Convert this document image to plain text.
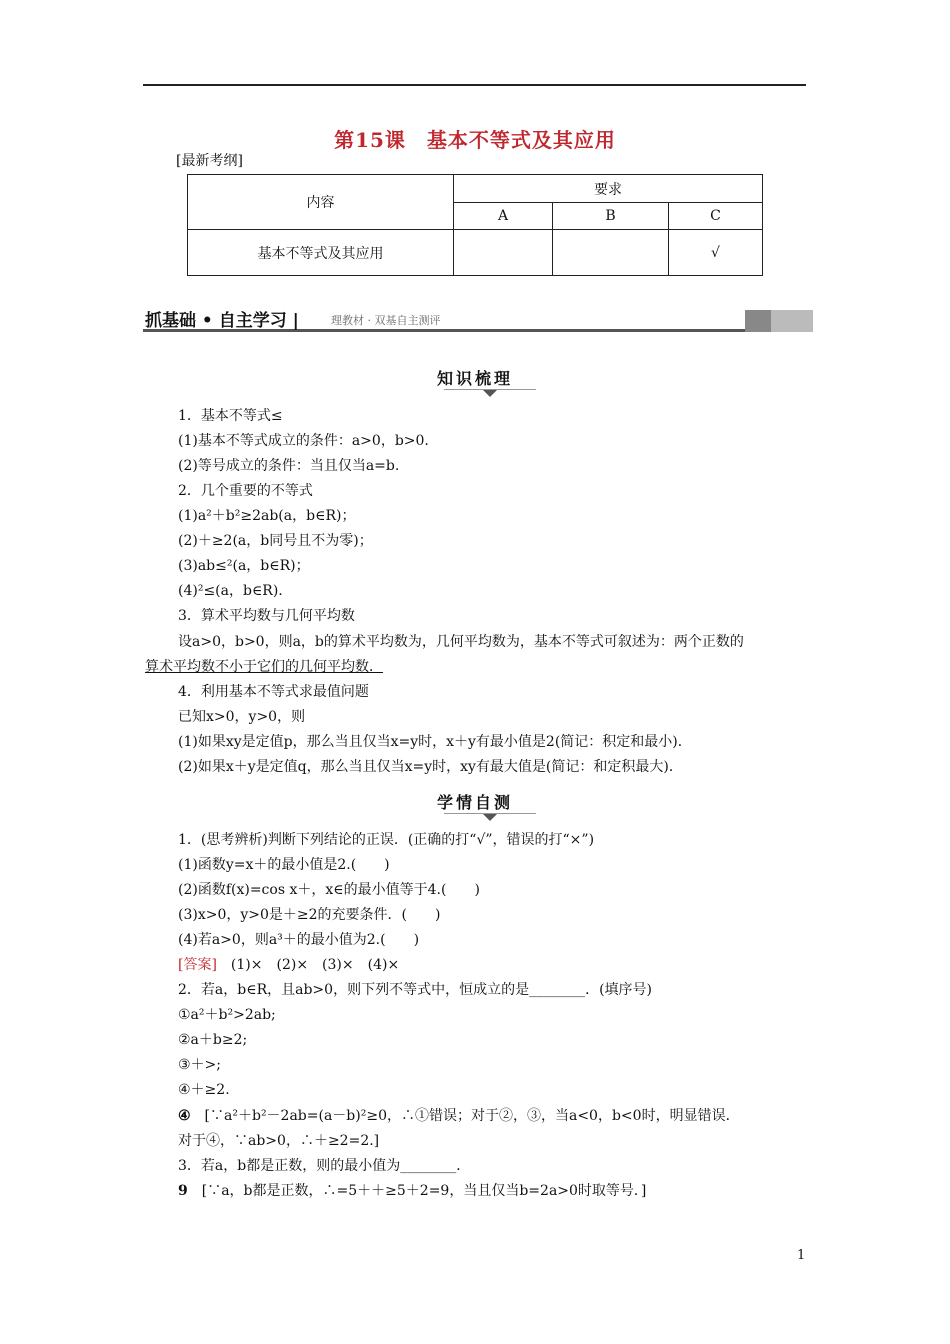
第15课　基本不等式及其应用
[最新考纲]
内容	要求		
	A	B	C
基本不等式及其应用			√
抓基础 • 自主学习 |	理教材 · 双基自主测评
知识梳理
1．基本不等式≤
(1)基本不等式成立的条件：a>0，b>0.
(2)等号成立的条件：当且仅当a=b.
2．几个重要的不等式
(1)a²＋b²≥2ab(a，b∈R)；
(2)＋≥2(a，b同号且不为零)；
(3)ab≤²(a，b∈R)；
(4)²≤(a，b∈R).
3．算术平均数与几何平均数
设a>0，b>0，则a，b的算术平均数为，几何平均数为，基本不等式可叙述为：两个正数的
算术平均数不小于它们的几何平均数．
4．利用基本不等式求最值问题
已知x>0，y>0，则
(1)如果xy是定值p，那么当且仅当x=y时，x＋y有最小值是2(简记：积定和最小)．
(2)如果x＋y是定值q，那么当且仅当x=y时，xy有最大值是(简记：和定积最大)．
学情自测
1．(思考辨析)判断下列结论的正误．(正确的打“√”，错误的打“×”)
(1)函数y=x＋的最小值是2.(　　)
(2)函数f(x)=cos x＋，x∈的最小值等于4.(　　)
(3)x>0，y>0是＋≥2的充要条件．(　　)
(4)若a>0，则a³＋的最小值为2.(　　)
[答案]　(1)×　(2)×　(3)×　(4)×
2．若a，b∈R，且ab>0，则下列不等式中，恒成立的是________．(填序号)
①a²＋b²>2ab;
②a＋b≥2;
③＋>;
④＋≥2.
④　[∵a²＋b²－2ab=(a－b)²≥0，∴①错误；对于②，③，当a<0，b<0时，明显错误．
对于④，∵ab>0，∴＋≥2=2.]
3．若a，b都是正数，则的最小值为________．
9　[∵a，b都是正数，∴=5＋＋≥5＋2=9，当且仅当b=2a>0时取等号．]
1
